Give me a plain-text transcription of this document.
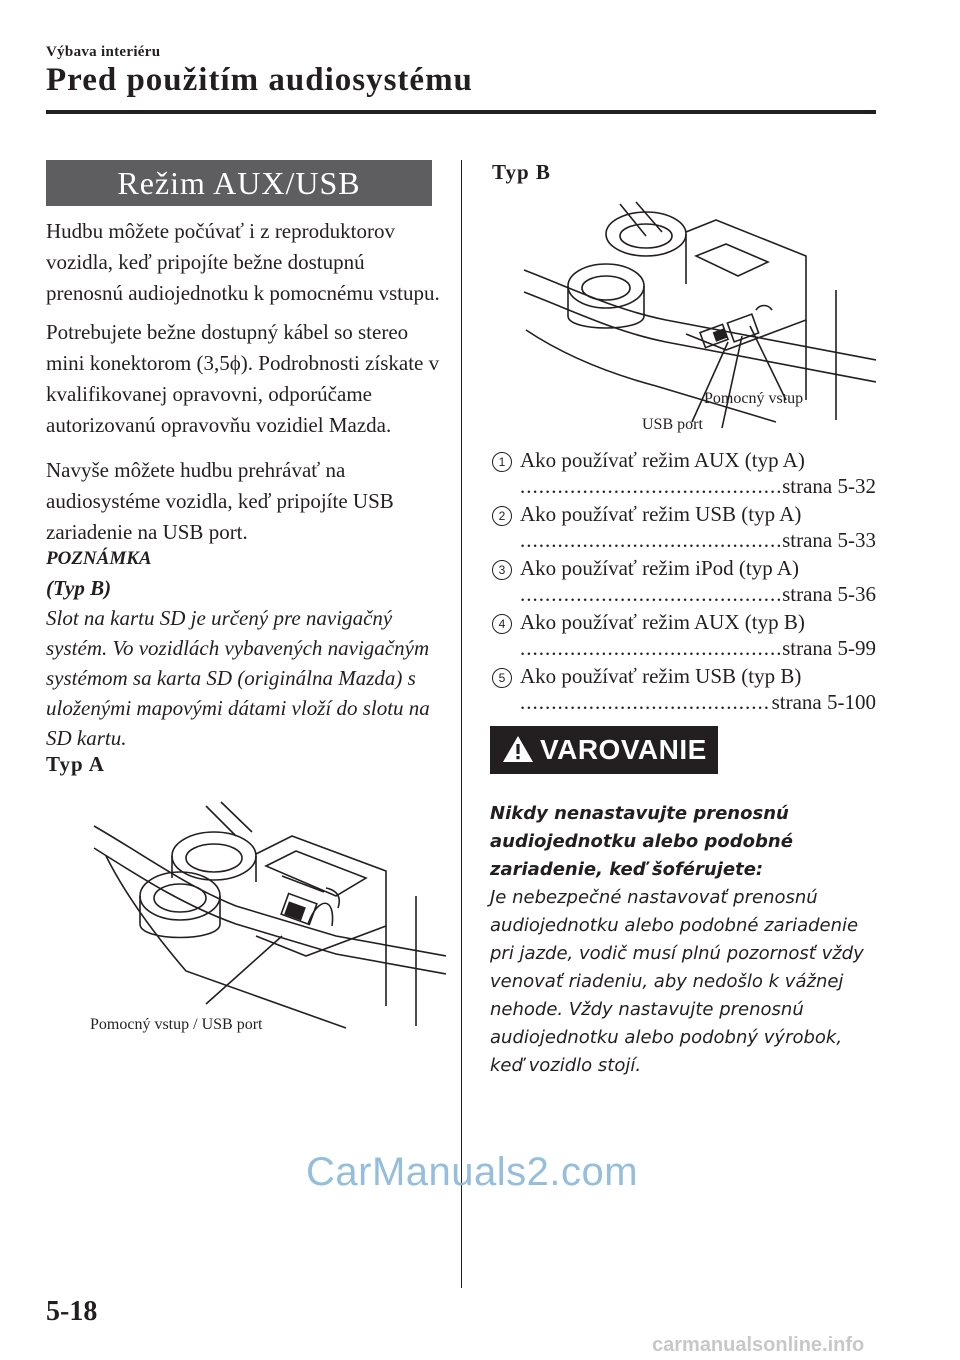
Výbava interiéru
Pred použitím audiosystému
Režim AUX/USB
Hudbu môžete počúvať i z reproduktorov vozidla, keď pripojíte bežne dostupnú prenosnú audiojednotku k pomocnému vstupu.
Potrebujete bežne dostupný kábel so stereo mini konektorom (3,5ϕ). Podrobnosti získate v kvalifikovanej opravovni, odporúčame autorizovanú opravovňu vozidiel Mazda.
Navyše môžete hudbu prehrávať na audiosystéme vozidla, keď pripojíte USB zariadenie na USB port.
POZNÁMKA
(Typ B)
Slot na kartu SD je určený pre navigačný systém. Vo vozidlách vybavených navigačným systémom sa karta SD (originálna Mazda) s uloženými mapovými dátami vloží do slotu na SD kartu.
Typ A
Pomocný vstup / USB port
Typ B
Pomocný vstup
USB port
1 Ako používať režim AUX (typ A)
.....
strana 5-32
2 Ako používať režim USB (typ A)
.....
strana 5-33
3 Ako používať režim iPod (typ A)
.....
strana 5-36
4 Ako používať režim AUX (typ B)
.....
strana 5-99
5 Ako používať režim USB (typ B)
.....
strana 5-100
VAROVANIE
Nikdy nenastavujte prenosnú audiojednotku alebo podobné zariadenie, keď šoférujete:
Je nebezpečné nastavovať prenosnú audiojednotku alebo podobné zariadenie pri jazde, vodič musí plnú pozornosť vždy venovať riadeniu, aby nedošlo k vážnej nehode. Vždy nastavujte prenosnú audiojednotku alebo podobný výrobok, keď vozidlo stojí.
5-18
CarManuals2.com
carmanualsonline.info
